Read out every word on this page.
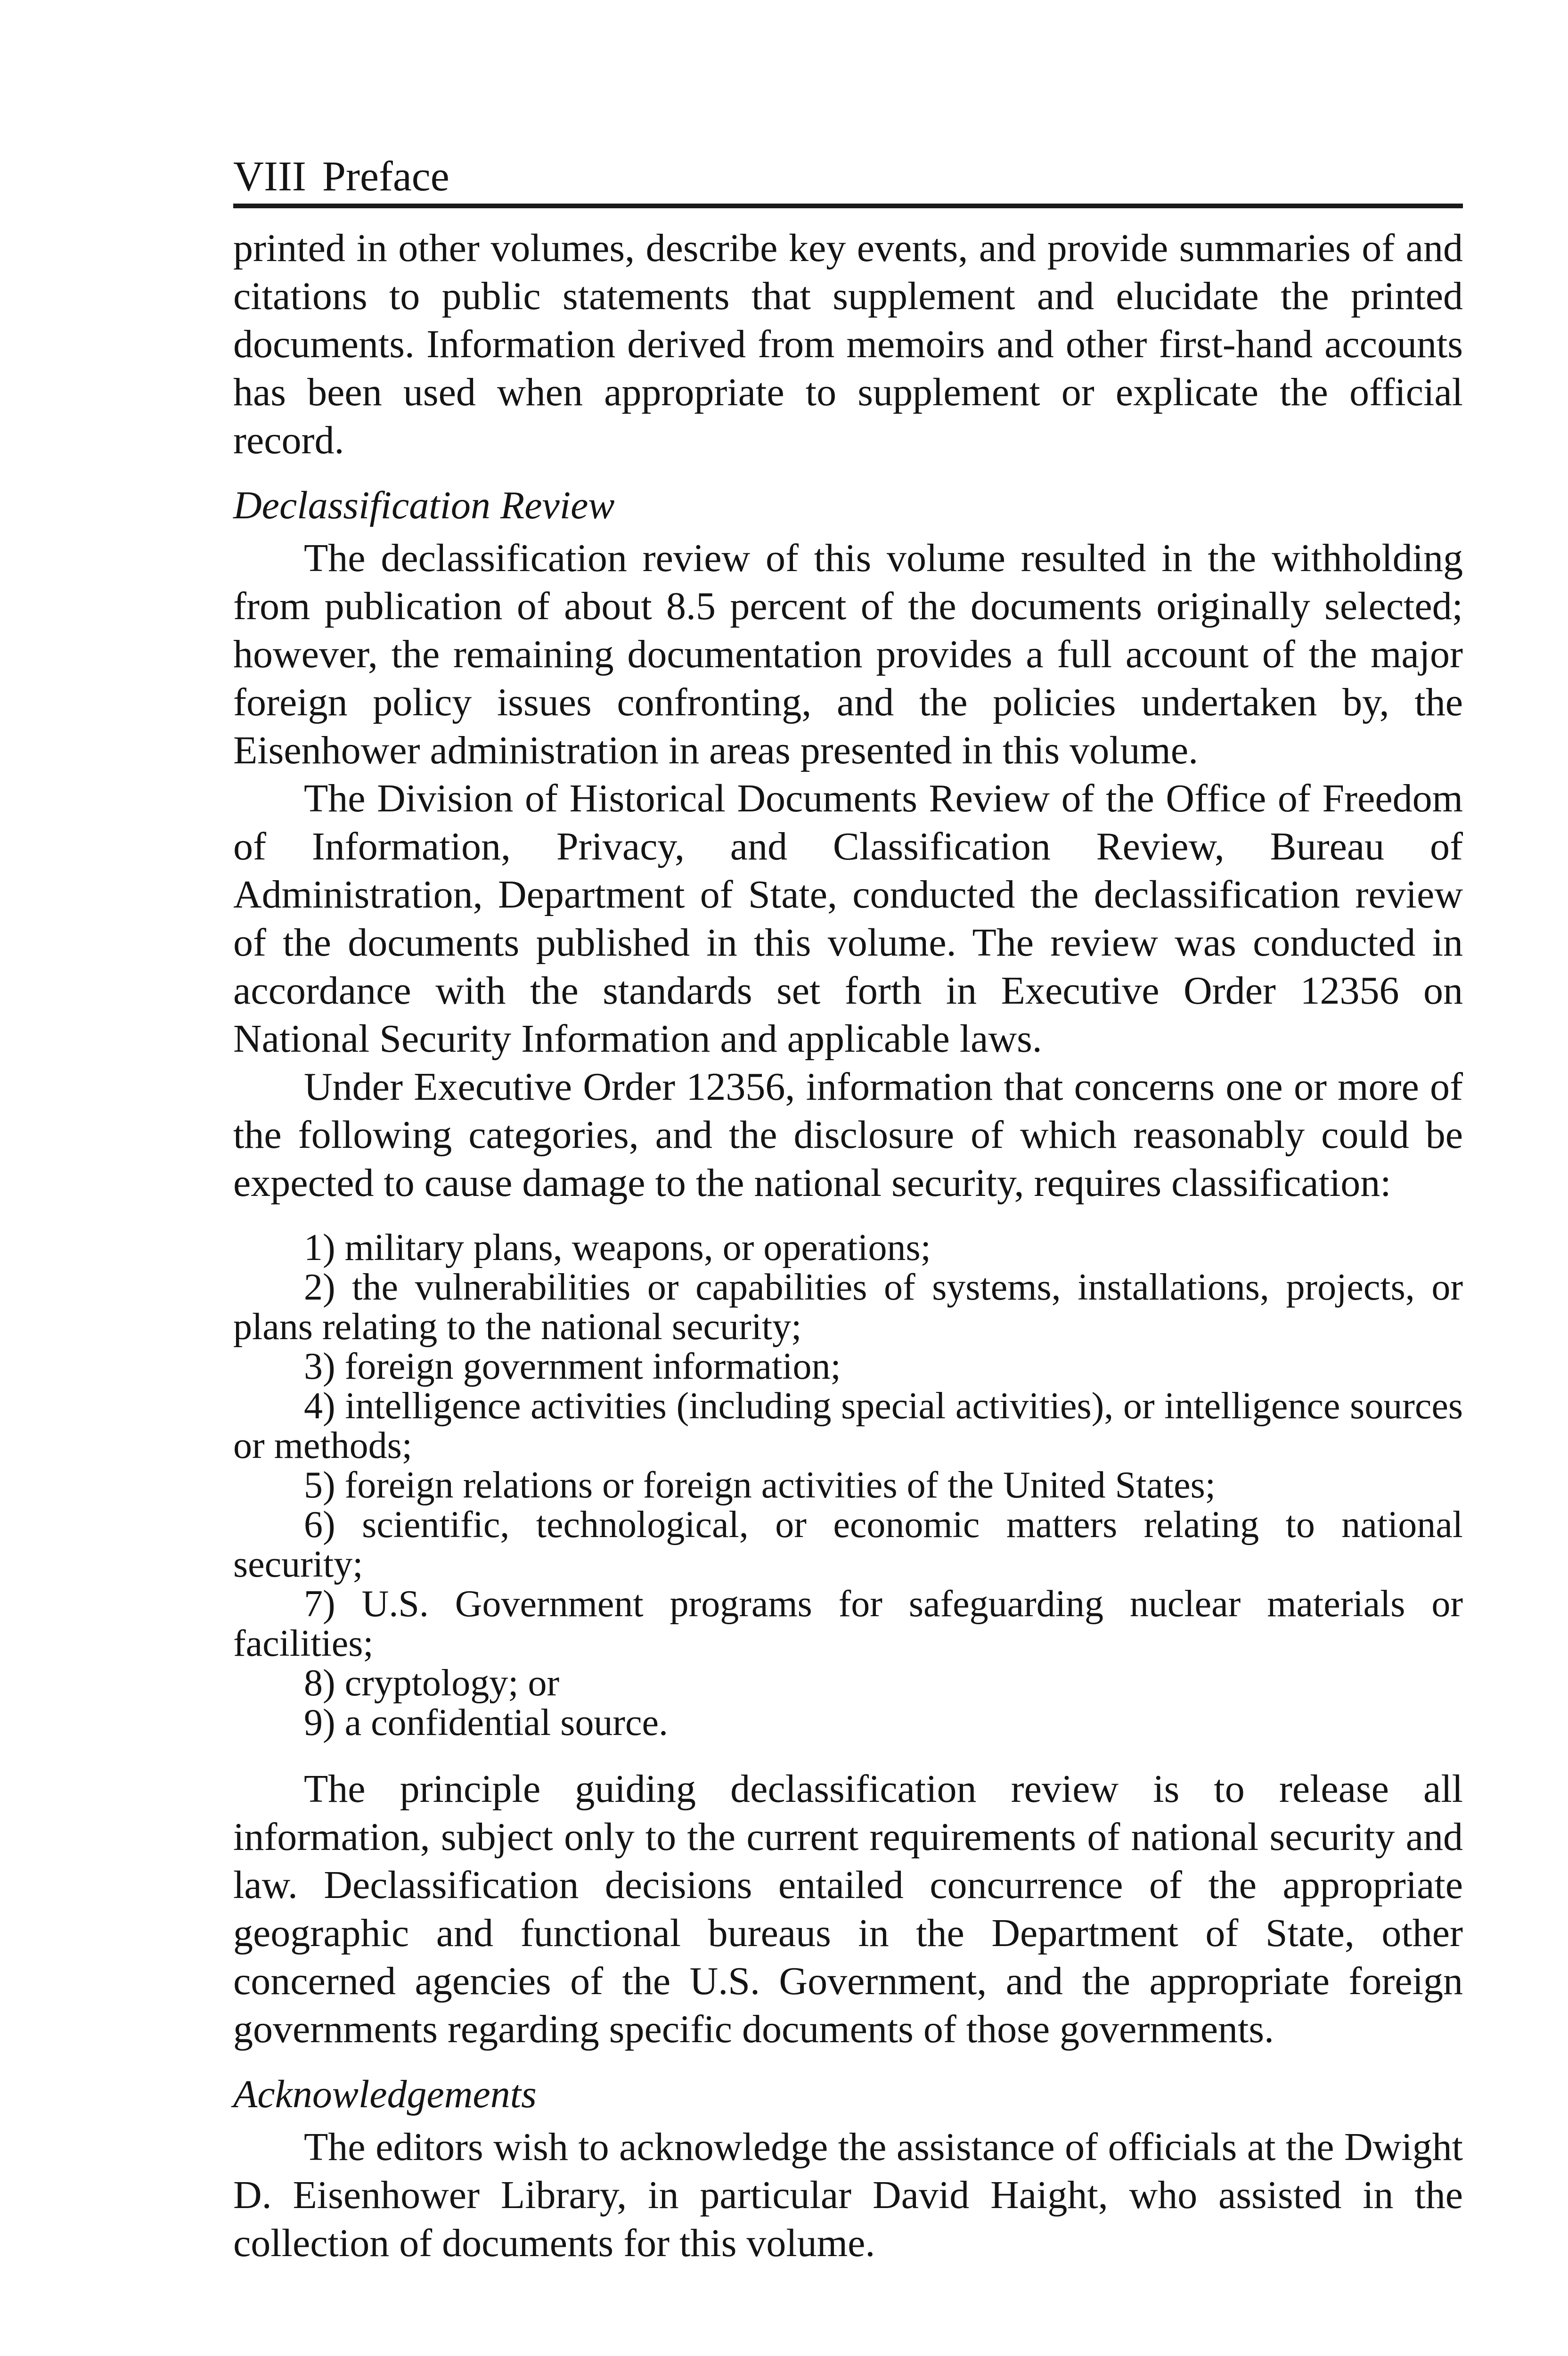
VIII Preface

printed in other volumes, describe key events, and provide summaries of and citations to public statements that supplement and elucidate the printed documents. Information derived from memoirs and other first-hand accounts has been used when appropriate to supplement or explicate the official record.

Declassification Review

The declassification review of this volume resulted in the withholding from publication of about 8.5 percent of the documents originally selected; however, the remaining documentation provides a full account of the major foreign policy issues confronting, and the policies undertaken by, the Eisenhower administration in areas presented in this volume.

The Division of Historical Documents Review of the Office of Freedom of Information, Privacy, and Classification Review, Bureau of Administration, Department of State, conducted the declassification review of the documents published in this volume. The review was conducted in accordance with the standards set forth in Executive Order 12356 on National Security Information and applicable laws.

Under Executive Order 12356, information that concerns one or more of the following categories, and the disclosure of which reasonably could be expected to cause damage to the national security, requires classification:

1) military plans, weapons, or operations;
2) the vulnerabilities or capabilities of systems, installations, projects, or plans relating to the national security;
3) foreign government information;
4) intelligence activities (including special activities), or intelligence sources or methods;
5) foreign relations or foreign activities of the United States;
6) scientific, technological, or economic matters relating to national security;
7) U.S. Government programs for safeguarding nuclear materials or facilities;
8) cryptology; or
9) a confidential source.

The principle guiding declassification review is to release all information, subject only to the current requirements of national security and law. Declassification decisions entailed concurrence of the appropriate geographic and functional bureaus in the Department of State, other concerned agencies of the U.S. Government, and the appropriate foreign governments regarding specific documents of those governments.

Acknowledgements

The editors wish to acknowledge the assistance of officials at the Dwight D. Eisenhower Library, in particular David Haight, who assisted in the collection of documents for this volume.
